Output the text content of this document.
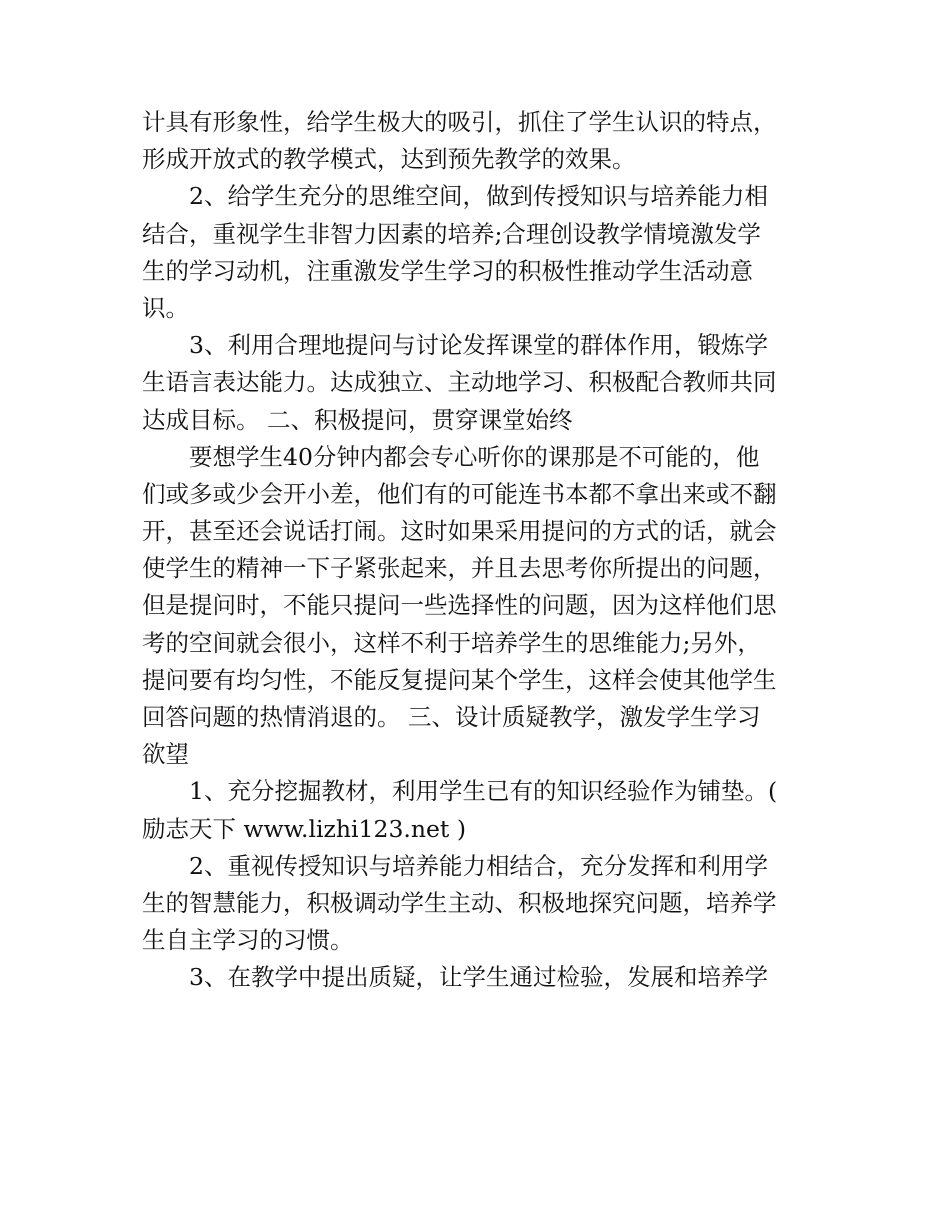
计具有形象性，给学生极大的吸引，抓住了学生认识的特点，
形成开放式的教学模式，达到预先教学的效果。
2、给学生充分的思维空间，做到传授知识与培养能力相
结合，重视学生非智力因素的培养;合理创设教学情境激发学
生的学习动机，注重激发学生学习的积极性推动学生活动意
识。
3、利用合理地提问与讨论发挥课堂的群体作用，锻炼学
生语言表达能力。达成独立、主动地学习、积极配合教师共同
达成目标。 二、积极提问，贯穿课堂始终
要想学生40分钟内都会专心听你的课那是不可能的，他
们或多或少会开小差，他们有的可能连书本都不拿出来或不翻
开，甚至还会说话打闹。这时如果采用提问的方式的话，就会
使学生的精神一下子紧张起来，并且去思考你所提出的问题，
但是提问时，不能只提问一些选择性的问题，因为这样他们思
考的空间就会很小，这样不利于培养学生的思维能力;另外，
提问要有均匀性，不能反复提问某个学生，这样会使其他学生
回答问题的热情消退的。 三、设计质疑教学，激发学生学习
欲望
1、充分挖掘教材，利用学生已有的知识经验作为铺垫。(
励志天下 www.lizhi123.net )
2、重视传授知识与培养能力相结合，充分发挥和利用学
生的智慧能力，积极调动学生主动、积极地探究问题，培养学
生自主学习的习惯。
3、在教学中提出质疑，让学生通过检验，发展和培养学
